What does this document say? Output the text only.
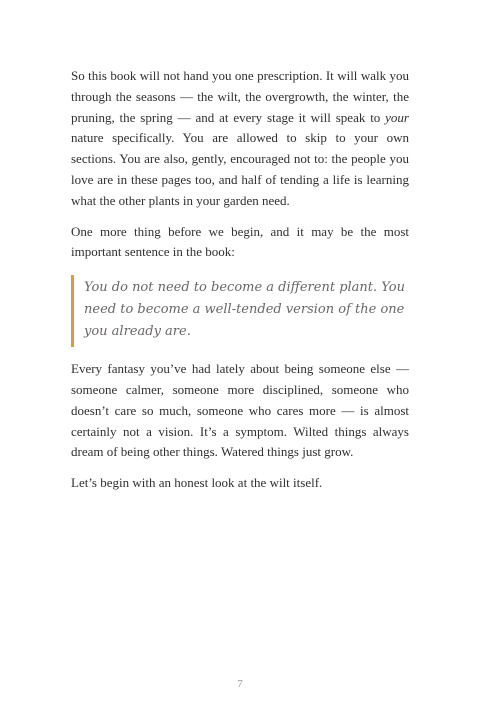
So this book will not hand you one prescription. It will walk you through the seasons — the wilt, the overgrowth, the winter, the pruning, the spring — and at every stage it will speak to your nature specifically. You are allowed to skip to your own sections. You are also, gently, encouraged not to: the people you love are in these pages too, and half of tending a life is learning what the other plants in your garden need.

One more thing before we begin, and it may be the most important sentence in the book:

You do not need to become a different plant. You need to become a well-tended version of the one you already are.

Every fantasy you’ve had lately about being someone else — someone calmer, someone more disciplined, someone who doesn’t care so much, someone who cares more — is almost certainly not a vision. It’s a symptom. Wilted things always dream of being other things. Watered things just grow.

Let’s begin with an honest look at the wilt itself.

7
